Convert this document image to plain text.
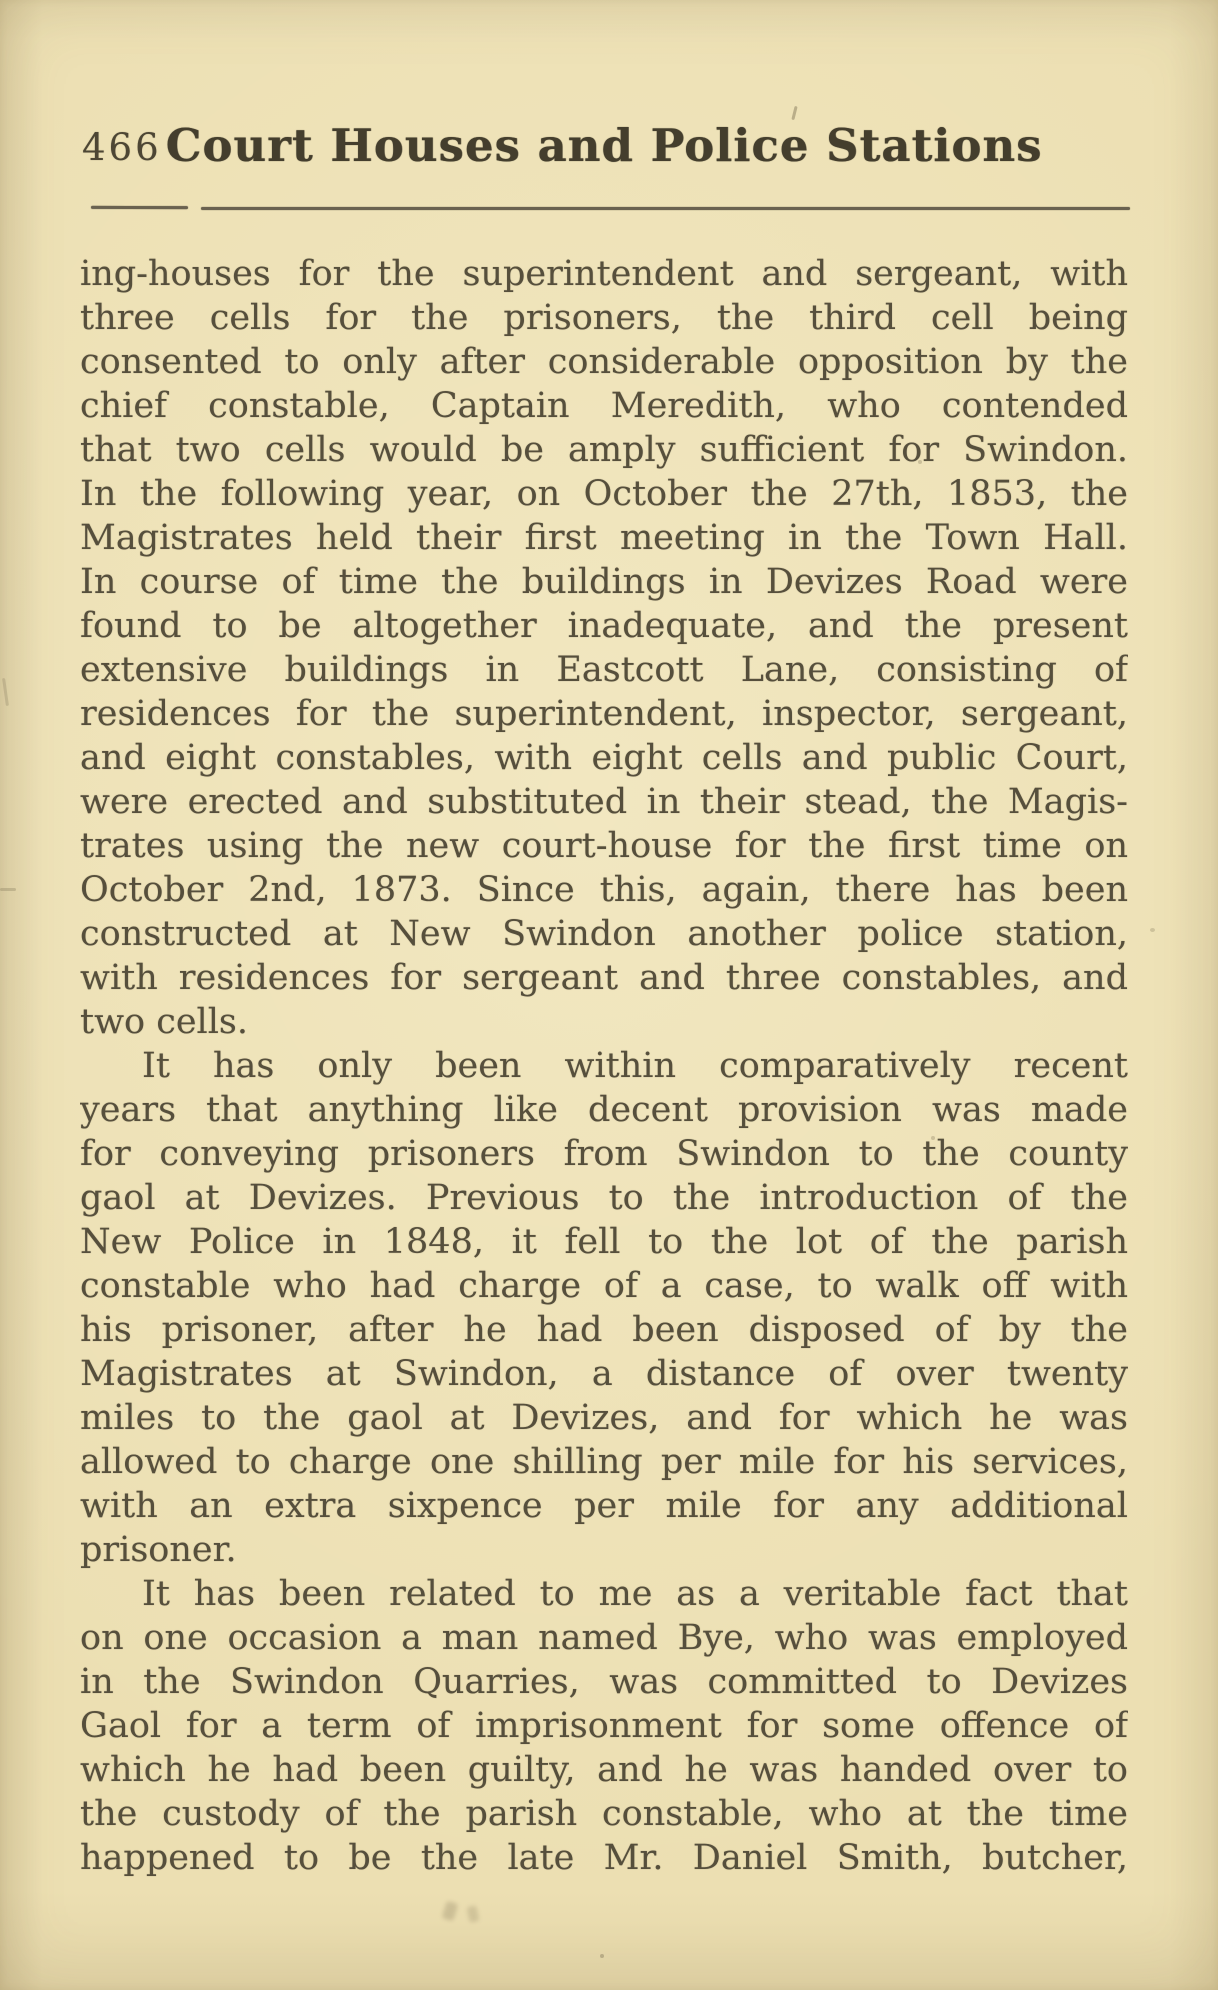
466 Court Houses and Police Stations
ing-houses for the superintendent and sergeant, with
three cells for the prisoners, the third cell being
consented to only after considerable opposition by the
chief constable, Captain Meredith, who contended
that two cells would be amply sufficient for Swindon.
In the following year, on October the 27th, 1853, the
Magistrates held their first meeting in the Town Hall.
In course of time the buildings in Devizes Road were
found to be altogether inadequate, and the present
extensive buildings in Eastcott Lane, consisting of
residences for the superintendent, inspector, sergeant,
and eight constables, with eight cells and public Court,
were erected and substituted in their stead, the Magis-
trates using the new court-house for the first time on
October 2nd, 1873. Since this, again, there has been
constructed at New Swindon another police station,
with residences for sergeant and three constables, and
two cells.
It has only been within comparatively recent
years that anything like decent provision was made
for conveying prisoners from Swindon to the county
gaol at Devizes. Previous to the introduction of the
New Police in 1848, it fell to the lot of the parish
constable who had charge of a case, to walk off with
his prisoner, after he had been disposed of by the
Magistrates at Swindon, a distance of over twenty
miles to the gaol at Devizes, and for which he was
allowed to charge one shilling per mile for his services,
with an extra sixpence per mile for any additional
prisoner.
It has been related to me as a veritable fact that
on one occasion a man named Bye, who was employed
in the Swindon Quarries, was committed to Devizes
Gaol for a term of imprisonment for some offence of
which he had been guilty, and he was handed over to
the custody of the parish constable, who at the time
happened to be the late Mr. Daniel Smith, butcher,
